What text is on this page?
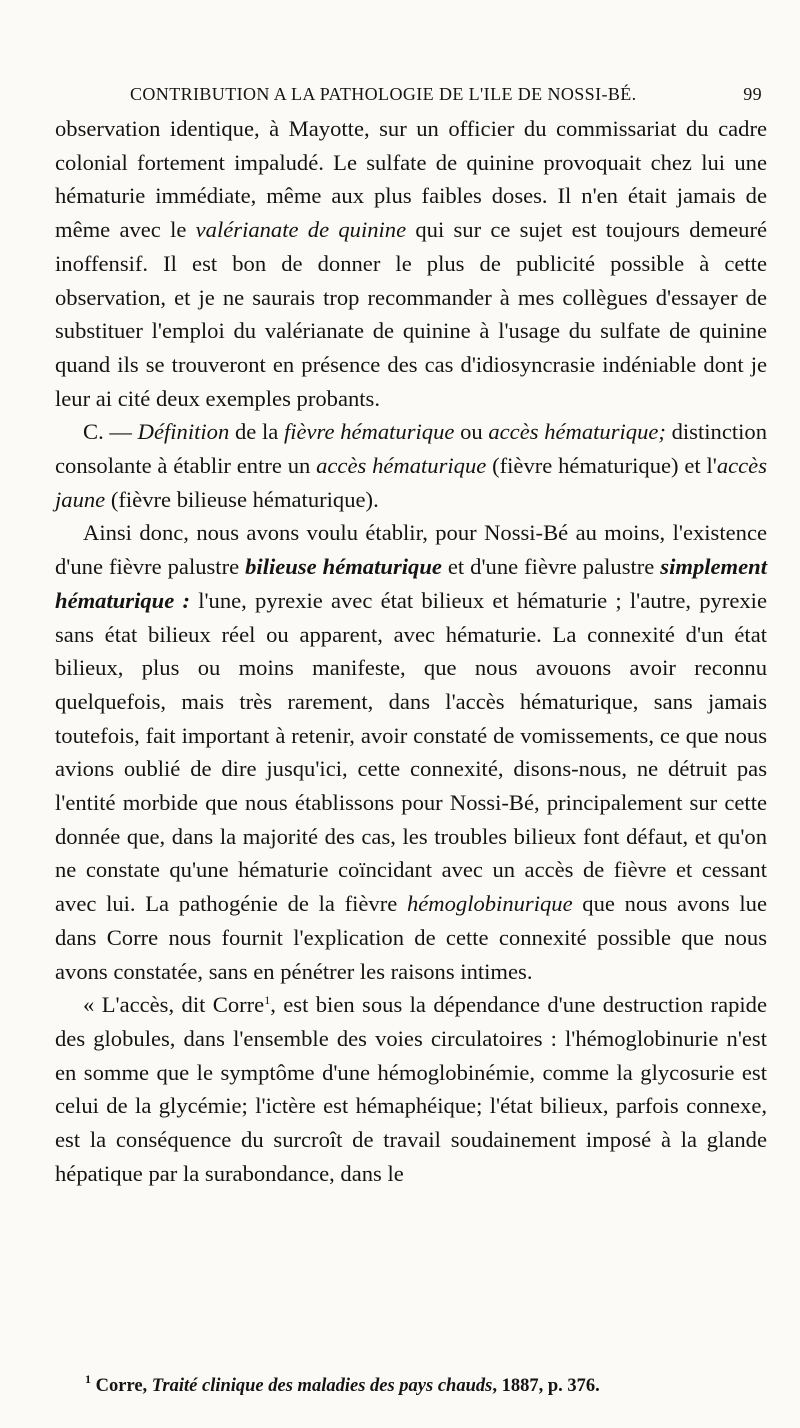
CONTRIBUTION A LA PATHOLOGIE DE L'ILE DE NOSSI-BÉ.	99

observation identique, à Mayotte, sur un officier du commissariat du cadre colonial fortement impaludé. Le sulfate de quinine provoquait chez lui une hématurie immédiate, même aux plus faibles doses. Il n'en était jamais de même avec le valérianate de quinine qui sur ce sujet est toujours demeuré inoffensif. Il est bon de donner le plus de publicité possible à cette observation, et je ne saurais trop recommander à mes collègues d'essayer de substituer l'emploi du valérianate de quinine à l'usage du sulfate de quinine quand ils se trouveront en présence des cas d'idiosyncrasie indéniable dont je leur ai cité deux exemples probants.

C. — Définition de la fièvre hématurique ou accès hématurique; distinction consolante à établir entre un accès hématurique (fièvre hématurique) et l'accès jaune (fièvre bilieuse hématurique).

Ainsi donc, nous avons voulu établir, pour Nossi-Bé au moins, l'existence d'une fièvre palustre bilieuse hématurique et d'une fièvre palustre simplement hématurique : l'une, pyrexie avec état bilieux et hématurie ; l'autre, pyrexie sans état bilieux réel ou apparent, avec hématurie. La connexité d'un état bilieux, plus ou moins manifeste, que nous avouons avoir reconnu quelquefois, mais très rarement, dans l'accès hématurique, sans jamais toutefois, fait important à retenir, avoir constaté de vomissements, ce que nous avions oublié de dire jusqu'ici, cette connexité, disons-nous, ne détruit pas l'entité morbide que nous établissons pour Nossi-Bé, principalement sur cette donnée que, dans la majorité des cas, les troubles bilieux font défaut, et qu'on ne constate qu'une hématurie coïncidant avec un accès de fièvre et cessant avec lui. La pathogénie de la fièvre hémoglobinurique que nous avons lue dans Corre nous fournit l'explication de cette connexité possible que nous avons constatée, sans en pénétrer les raisons intimes.

« L'accès, dit Corre$^1$, est bien sous la dépendance d'une destruction rapide des globules, dans l'ensemble des voies circulatoires : l'hémoglobinurie n'est en somme que le symptôme d'une hémoglobinémie, comme la glycosurie est celui de la glycémie; l'ictère est hémaphéique; l'état bilieux, parfois connexe, est la conséquence du surcroît de travail soudainement imposé à la glande hépatique par la surabondance, dans le

$^1$ Corre, Traité clinique des maladies des pays chauds, 1887, p. 376.
